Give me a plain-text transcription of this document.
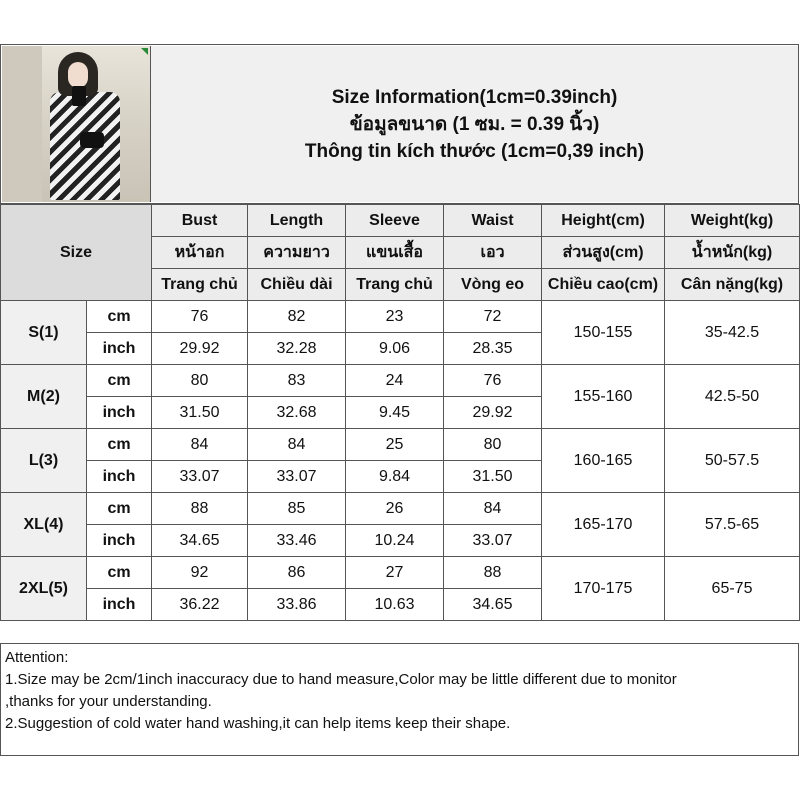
Size Information(1cm=0.39inch)
ข้อมูลขนาด (1 ซม. = 0.39 นิ้ว)
Thông tin kích thước (1cm=0,39 inch)
Size		Bust	Length	Sleeve	Waist	Height(cm)	Weight(kg)
		หน้าอก	ความยาว	แขนเสื้อ	เอว	ส่วนสูง(cm)	น้ำหนัก(kg)
		Trang chủ	Chiều dài	Trang chủ	Vòng eo	Chiều cao(cm)	Cân nặng(kg)
S(1)	cm	76	82	23	72	150-155	35-42.5
	inch	29.92	32.28	9.06	28.35		
M(2)	cm	80	83	24	76	155-160	42.5-50
	inch	31.50	32.68	9.45	29.92		
L(3)	cm	84	84	25	80	160-165	50-57.5
	inch	33.07	33.07	9.84	31.50		
XL(4)	cm	88	85	26	84	165-170	57.5-65
	inch	34.65	33.46	10.24	33.07		
2XL(5)	cm	92	86	27	88	170-175	65-75
	inch	36.22	33.86	10.63	34.65		
Attention:
1.Size may be 2cm/1inch inaccuracy due to hand measure,Color may be little different due to monitor
,thanks for your understanding.
2.Suggestion of cold water hand washing,it can help items keep their shape.
